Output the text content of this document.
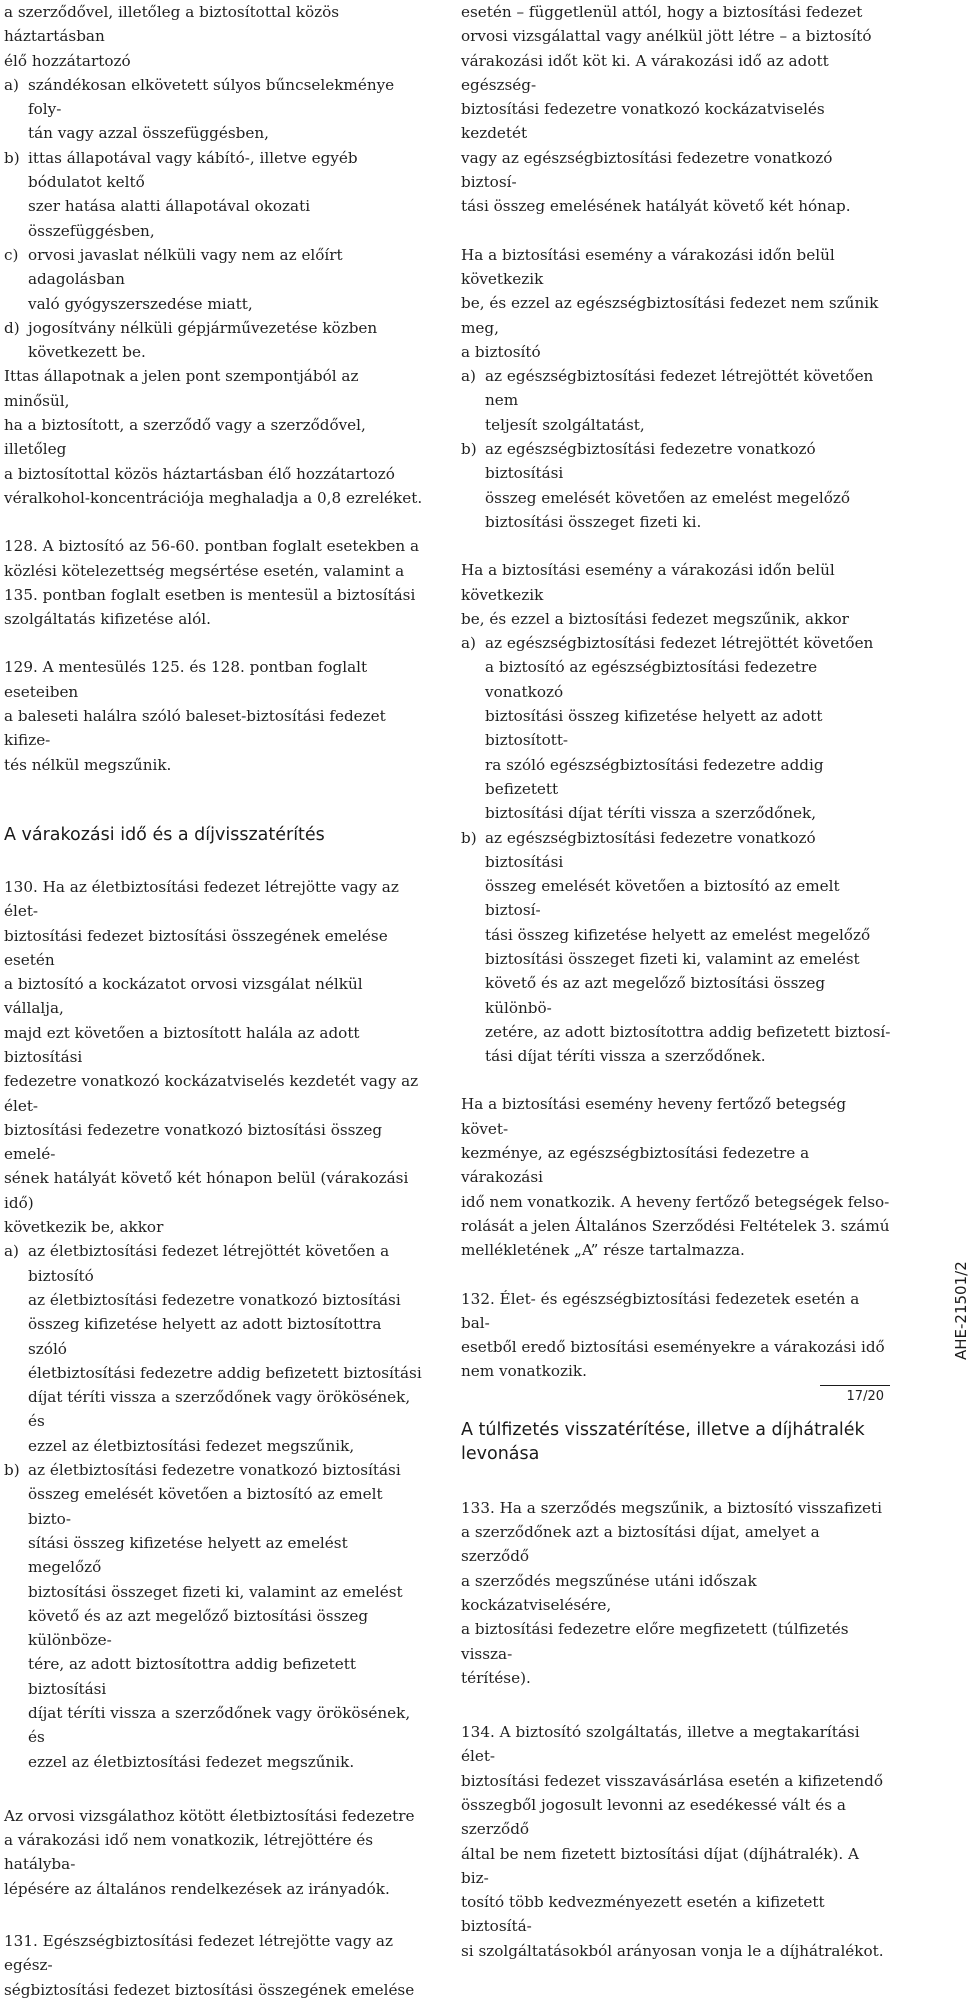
a szerződővel, illetőleg a biztosítottal közös háztartásban
élő hozzátartozó

a) szándékosan elkövetett súlyos bűncselekménye foly-
tán vagy azzal összefüggésben,
b) ittas állapotával vagy kábító-, illetve egyéb bódulatot keltő
szer hatása alatti állapotával okozati összefüggésben,
c) orvosi javaslat nélküli vagy nem az előírt adagolásban
való gyógyszerszedése miatt,
d) jogosítvány nélküli gépjárművezetése közben
következett be.

Ittas állapotnak a jelen pont szempontjából az minősül,
ha a biztosított, a szerződő vagy a szerződővel, illetőleg
a biztosítottal közös háztartásban élő hozzátartozó
véralkohol-koncentrációja meghaladja a 0,8 ezreléket.

128. A biztosító az 56-60. pontban foglalt esetekben a
közlési kötelezettség megsértése esetén, valamint a
135. pontban foglalt esetben is mentesül a biztosítási
szolgáltatás kifizetése alól.

129. A mentesülés 125. és 128. pontban foglalt eseteiben
a baleseti halálra szóló baleset-biztosítási fedezet kifize-
tés nélkül megszűnik.

A várakozási idő és a díjvisszatérítés

130. Ha az életbiztosítási fedezet létrejötte vagy az élet-
biztosítási fedezet biztosítási összegének emelése esetén
a biztosító a kockázatot orvosi vizsgálat nélkül vállalja,
majd ezt követően a biztosított halála az adott biztosítási
fedezetre vonatkozó kockázatviselés kezdetét vagy az élet-
biztosítási fedezetre vonatkozó biztosítási összeg emelé-
sének hatályát követő két hónapon belül (várakozási idő)
következik be, akkor

a) az életbiztosítási fedezet létrejöttét követően a biztosító
az életbiztosítási fedezetre vonatkozó biztosítási
összeg kifizetése helyett az adott biztosítottra szóló
életbiztosítási fedezetre addig befizetett biztosítási
díjat téríti vissza a szerződőnek vagy örökösének, és
ezzel az életbiztosítási fedezet megszűnik,
b) az életbiztosítási fedezetre vonatkozó biztosítási
összeg emelését követően a biztosító az emelt bizto-
sítási összeg kifizetése helyett az emelést megelőző
biztosítási összeget fizeti ki, valamint az emelést
követő és az azt megelőző biztosítási összeg különböze-
tére, az adott biztosítottra addig befizetett biztosítási
díjat téríti vissza a szerződőnek vagy örökösének, és
ezzel az életbiztosítási fedezet megszűnik.

Az orvosi vizsgálathoz kötött életbiztosítási fedezetre
a várakozási idő nem vonatkozik, létrejöttére és hatályba-
lépésére az általános rendelkezések az irányadók.

131. Egészségbiztosítási fedezet létrejötte vagy az egész-
ségbiztosítási fedezet biztosítási összegének emelése

esetén – függetlenül attól, hogy a biztosítási fedezet
orvosi vizsgálattal vagy anélkül jött létre – a biztosító
várakozási időt köt ki. A várakozási idő az adott egészség-
biztosítási fedezetre vonatkozó kockázatviselés kezdetét
vagy az egészségbiztosítási fedezetre vonatkozó biztosí-
tási összeg emelésének hatályát követő két hónap.

Ha a biztosítási esemény a várakozási időn belül következik
be, és ezzel az egészségbiztosítási fedezet nem szűnik meg,
a biztosító

a) az egészségbiztosítási fedezet létrejöttét követően nem
teljesít szolgáltatást,
b) az egészségbiztosítási fedezetre vonatkozó biztosítási
összeg emelését követően az emelést megelőző
biztosítási összeget fizeti ki.

Ha a biztosítási esemény a várakozási időn belül következik
be, és ezzel a biztosítási fedezet megszűnik, akkor

a) az egészségbiztosítási fedezet létrejöttét követően
a biztosító az egészségbiztosítási fedezetre vonatkozó
biztosítási összeg kifizetése helyett az adott biztosított-
ra szóló egészségbiztosítási fedezetre addig befizetett
biztosítási díjat téríti vissza a szerződőnek,
b) az egészségbiztosítási fedezetre vonatkozó biztosítási
összeg emelését követően a biztosító az emelt biztosí-
tási összeg kifizetése helyett az emelést megelőző
biztosítási összeget fizeti ki, valamint az emelést
követő és az azt megelőző biztosítási összeg különbö-
zetére, az adott biztosítottra addig befizetett biztosí-
tási díjat téríti vissza a szerződőnek.

Ha a biztosítási esemény heveny fertőző betegség követ-
kezménye, az egészségbiztosítási fedezetre a várakozási
idő nem vonatkozik. A heveny fertőző betegségek felso-
rolását a jelen Általános Szerződési Feltételek 3. számú
mellékletének „A” része tartalmazza.

132. Élet- és egészségbiztosítási fedezetek esetén a bal-
esetből eredő biztosítási eseményekre a várakozási idő
nem vonatkozik.

A túlfizetés visszatérítése, illetve a díjhátralék
levonása

133. Ha a szerződés megszűnik, a biztosító visszafizeti
a szerződőnek azt a biztosítási díjat, amelyet a szerződő
a szerződés megszűnése utáni időszak kockázatviselésére,
a biztosítási fedezetre előre megfizetett (túlfizetés vissza-
térítése).

134. A biztosító szolgáltatás, illetve a megtakarítási élet-
biztosítási fedezet visszavásárlása esetén a kifizetendő
összegből jogosult levonni az esedékessé vált és a szerződő
által be nem fizetett biztosítási díjat (díjhátralék). A biz-
tosító több kedvezményezett esetén a kifizetett biztosítá-
si szolgáltatásokból arányosan vonja le a díjhátralékot.

AHE-21501/2
17/20
